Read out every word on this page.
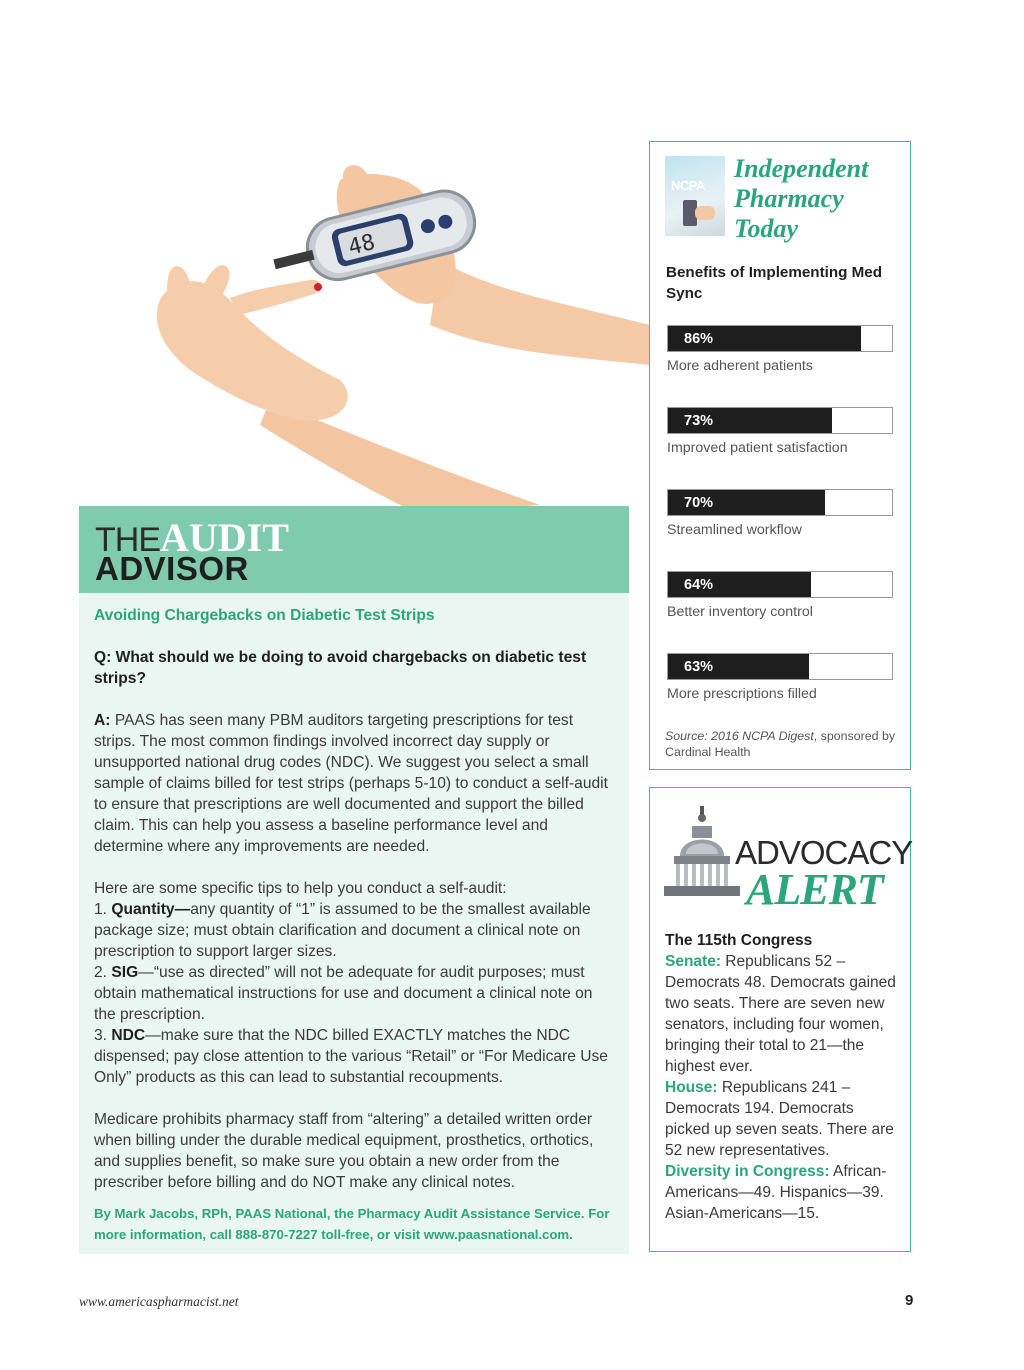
48
THEAUDIT
ADVISOR

Avoiding Chargebacks on Diabetic Test Strips

Q: What should we be doing to avoid chargebacks on diabetic test strips?

A: PAAS has seen many PBM auditors targeting prescriptions for test strips. The most common findings involved incorrect day supply or unsupported national drug codes (NDC). We suggest you select a small sample of claims billed for test strips (perhaps 5-10) to conduct a self-audit to ensure that prescriptions are well documented and support the billed claim. This can help you assess a baseline performance level and determine where any improvements are needed.

Here are some specific tips to help you conduct a self-audit:

1. Quantity—any quantity of “1” is assumed to be the smallest available package size; must obtain clarification and document a clinical note on prescription to support larger sizes.

2. SIG—“use as directed” will not be adequate for audit purposes; must obtain mathematical instructions for use and document a clinical note on the prescription.

3. NDC—make sure that the NDC billed EXACTLY matches the NDC dispensed; pay close attention to the various “Retail” or “For Medicare Use Only” products as this can lead to substantial recoupments.

Medicare prohibits pharmacy staff from “altering” a detailed written order when billing under the durable medical equipment, prosthetics, orthotics, and supplies benefit, so make sure you obtain a new order from the prescriber before billing and do NOT make any clinical notes.

By Mark Jacobs, RPh, PAAS National, the Pharmacy Audit Assistance Service. For more information, call 888-870-7227 toll-free, or visit www.paasnational.com.

NCPA
Independent
Pharmacy
Today
Benefits of Implementing Med Sync
86%
More adherent patients
73%
Improved patient satisfaction
70%
Streamlined workflow
64%
Better inventory control
63%
More prescriptions filled
Source: 2016 NCPA Digest, sponsored by Cardinal Health
ADVOCACY
ALERT
The 115th Congress
Senate: Republicans 52 – Democrats 48. Democrats gained two seats. There are seven new senators, including four women, bringing their total to 21—the highest ever.
House: Republicans 241 – Democrats 194. Democrats picked up seven seats. There are 52 new representatives.
Diversity in Congress: African-Americans—49. Hispanics—39. Asian-Americans—15.
www.americaspharmacist.net	9
